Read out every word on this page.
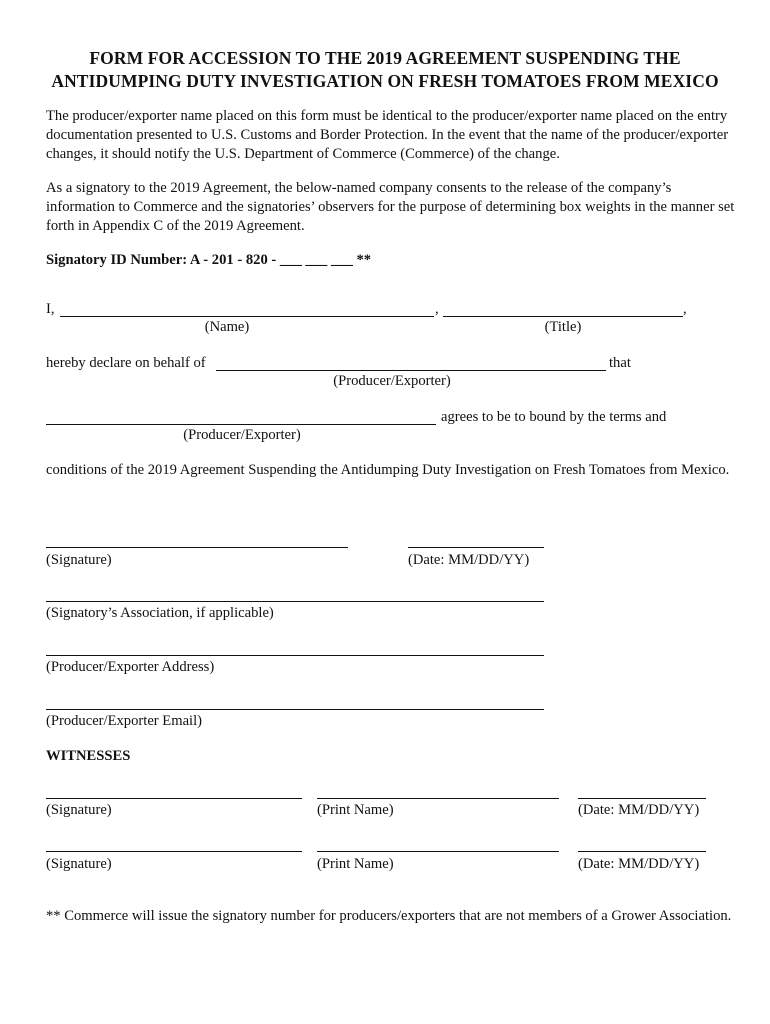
FORM FOR ACCESSION TO THE 2019 AGREEMENT SUSPENDING THE
ANTIDUMPING DUTY INVESTIGATION ON FRESH TOMATOES FROM MEXICO
The producer/exporter name placed on this form must be identical to the producer/exporter name placed on the entry documentation presented to U.S. Customs and Border Protection. In the event that the name of the producer/exporter changes, it should notify the U.S. Department of Commerce (Commerce) of the change.
As a signatory to the 2019 Agreement, the below-named company consents to the release of the company’s information to Commerce and the signatories’ observers for the purpose of determining box weights in the manner set forth in Appendix C of the 2019 Agreement.
Signatory ID Number: A - 201 - 820 - ___ ___ ___ **
I,	,	,
(Name)	(Title)
hereby declare on behalf of	that
(Producer/Exporter)
agrees to be to bound by the terms and
(Producer/Exporter)
conditions of the 2019 Agreement Suspending the Antidumping Duty Investigation on Fresh Tomatoes from Mexico.
(Signature)	(Date: MM/DD/YY)
(Signatory’s Association, if applicable)
(Producer/Exporter Address)
(Producer/Exporter Email)
WITNESSES
(Signature)	(Print Name)	(Date: MM/DD/YY)
(Signature)	(Print Name)	(Date: MM/DD/YY)
** Commerce will issue the signatory number for producers/exporters that are not members of a Grower Association.
